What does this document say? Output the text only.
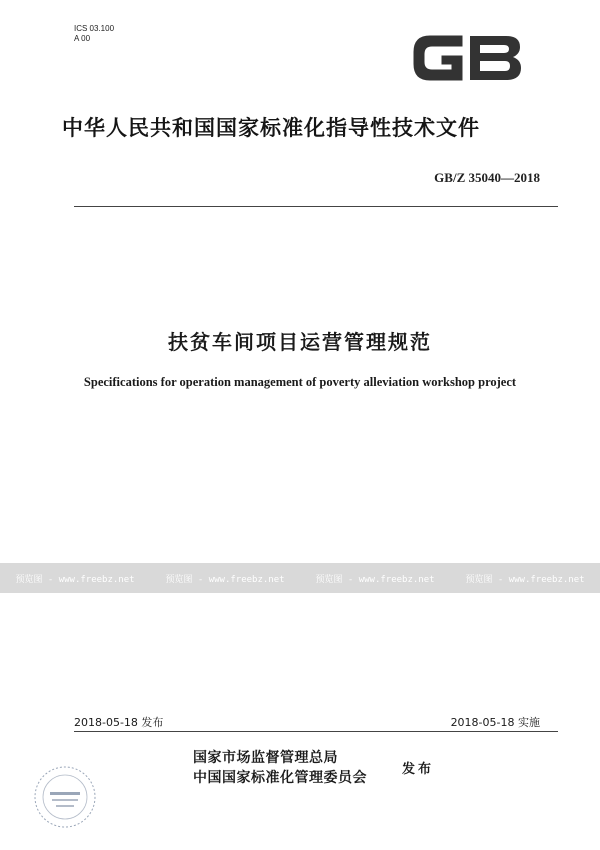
ICS 03.100
A 00
中华人民共和国国家标准化指导性技术文件
GB/Z 35040—2018
扶贫车间项目运营管理规范
Specifications for operation management of poverty alleviation workshop project
预览图 - www.freebz.net	预览图 - www.freebz.net	预览图 - www.freebz.net	预览图 - www.freebz.net
2018-05-18 发布	2018-05-18 实施
国家市场监督管理总局
中国国家标准化管理委员会
发布
